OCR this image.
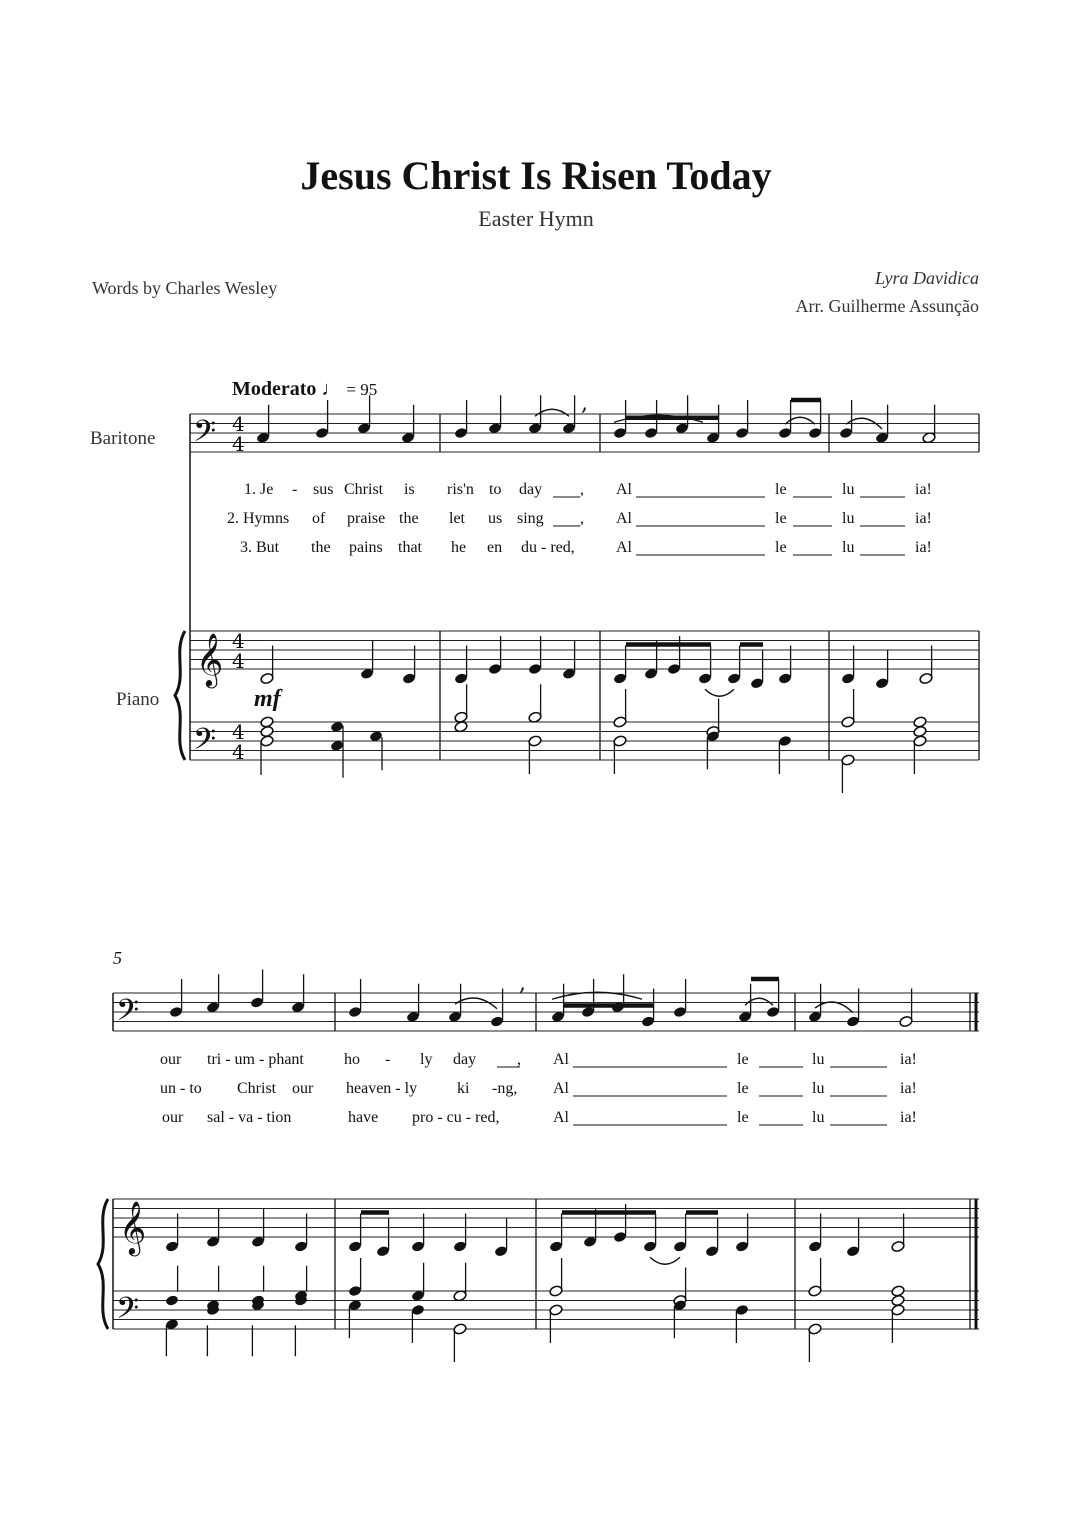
Jesus Christ Is Risen Today
Easter Hymn
Words by Charles Wesley	Lyra Davidica
Arr. Guilherme Assunção
Moderato ♩ = 95
Baritone
Piano	mf
5
1. Je - sus Christ is ris'n to day , Al	le	lu	ia!
2. Hymns of praise the let us sing , Al	le	lu	ia!
3. But the pains that he en du - red,	Al	le	lu	ia!
our tri - um - phant	ho - ly day	, Al	le	lu	ia!
un - to Christ our heaven - ly ki -ng, Al	le	lu	ia!
our sal - va - tion	have pro - cu - red,	Al	le	lu	ia!
𝄢
𝄞
𝄢
4
4
4
4
4
4
,
𝄢
𝄞
𝄢
,
